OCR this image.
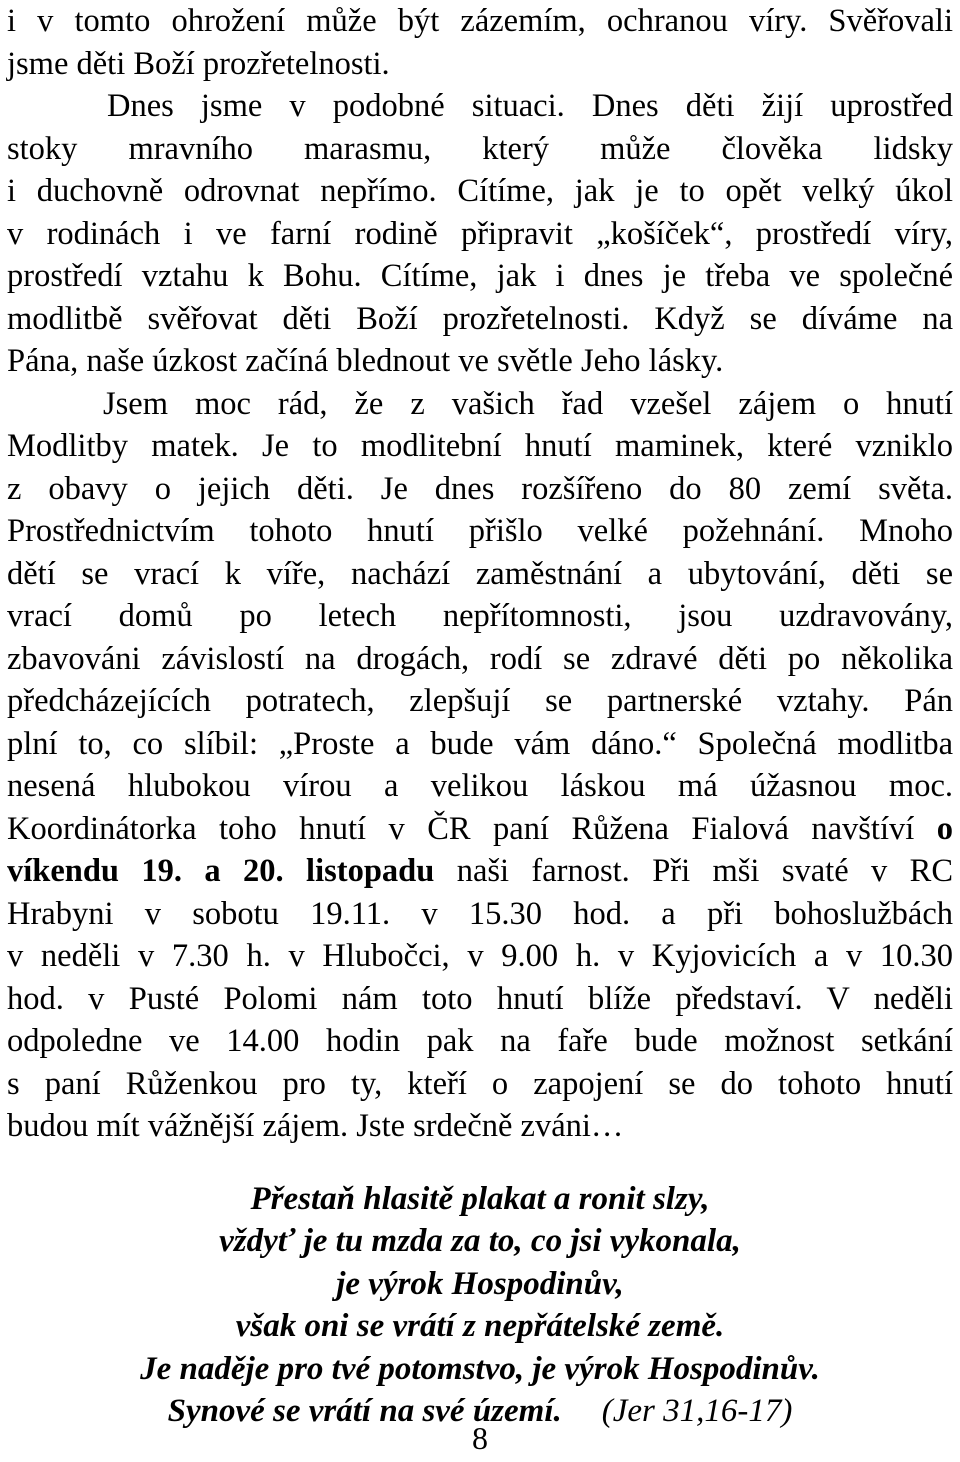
i v tomto ohrožení může být zázemím, ochranou víry. Svěřovali
jsme děti Boží prozřetelnosti.
Dnes jsme v podobné situaci. Dnes děti žijí uprostřed
stoky mravního marasmu, který může člověka lidsky
i duchovně odrovnat nepřímo. Cítíme, jak je to opět velký úkol
v rodinách i ve farní rodině připravit „košíček“, prostředí víry,
prostředí vztahu k Bohu. Cítíme, jak i dnes je třeba ve společné
modlitbě svěřovat děti Boží prozřetelnosti. Když se díváme na
Pána, naše úzkost začíná blednout ve světle Jeho lásky.
Jsem moc rád, že z vašich řad vzešel zájem o hnutí
Modlitby matek. Je to modlitební hnutí maminek, které vzniklo
z obavy o jejich děti. Je dnes rozšířeno do 80 zemí světa.
Prostřednictvím tohoto hnutí přišlo velké požehnání. Mnoho
dětí se vrací k víře, nachází zaměstnání a ubytování, děti se
vrací domů po letech nepřítomnosti, jsou uzdravovány,
zbavováni závislostí na drogách, rodí se zdravé děti po několika
předcházejících potratech, zlepšují se partnerské vztahy. Pán
plní to, co slíbil: „Proste a bude vám dáno.“ Společná modlitba
nesená hlubokou vírou a velikou láskou má úžasnou moc.
Koordinátorka toho hnutí v ČR paní Růžena Fialová navštíví o
víkendu 19. a 20. listopadu naši farnost. Při mši svaté v RC
Hrabyni v sobotu 19.11. v 15.30 hod. a při bohoslužbách
v neděli v 7.30 h. v Hlubočci, v 9.00 h. v Kyjovicích a v 10.30
hod. v Pusté Polomi nám toto hnutí blíže představí. V neděli
odpoledne ve 14.00 hodin pak na faře bude možnost setkání
s paní Růženkou pro ty, kteří o zapojení se do tohoto hnutí
budou mít vážnější zájem. Jste srdečně zváni…
Přestaň hlasitě plakat a ronit slzy,
vždyť je tu mzda za to, co jsi vykonala,
je výrok Hospodinův,
však oni se vrátí z nepřátelské země.
Je naděje pro tvé potomstvo, je výrok Hospodinův.
Synové se vrátí na své území. (Jer 31,16-17)
8
